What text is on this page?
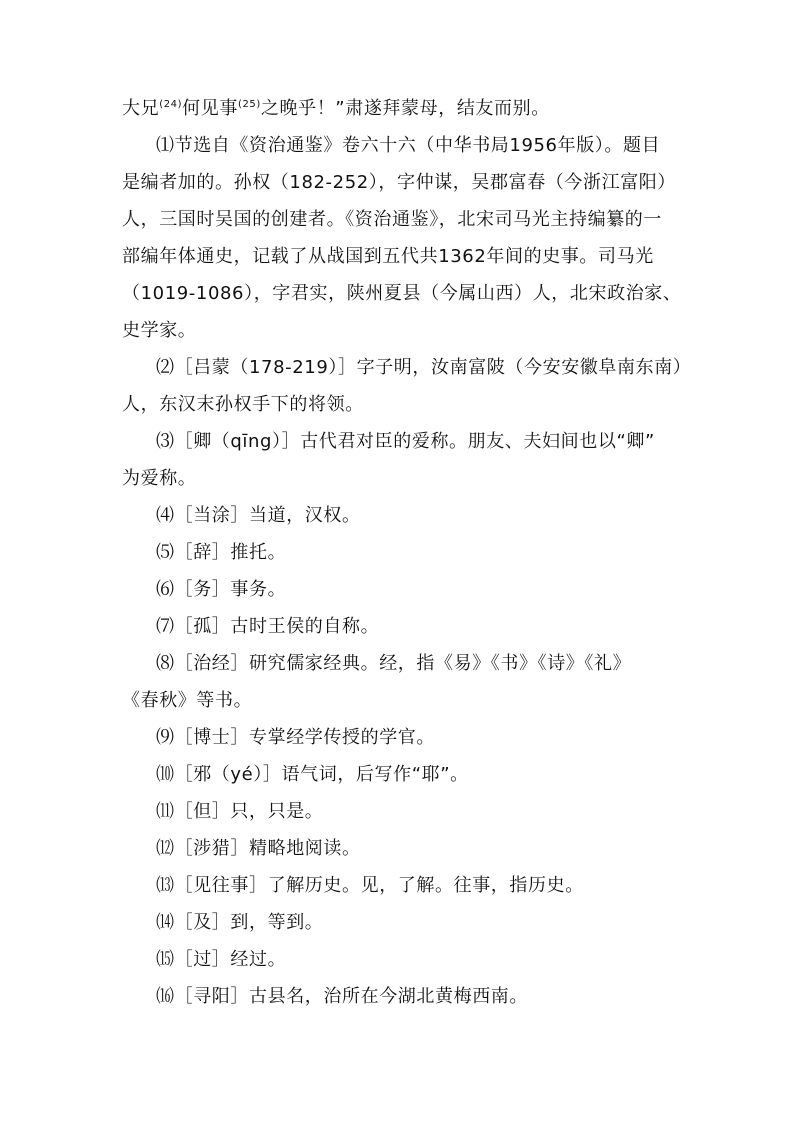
大兄$^{(24)}$何见事$^{(25)}$之晚乎！”肃遂拜蒙母，结友而别。
⑴节选自《资治通鉴》卷六十六（中华书局1956年版）。题目
是编者加的。孙权（182-252），字仲谋，吴郡富春（今浙江富阳）
人，三国时吴国的创建者。《资治通鉴》，北宋司马光主持编纂的一
部编年体通史，记载了从战国到五代共1362年间的史事。司马光
（1019-1086），字君实，陕州夏县（今属山西）人，北宋政治家、
史学家。
⑵［吕蒙（178-219）］字子明，汝南富陂（今安安徽阜南东南）
人，东汉末孙权手下的将领。
⑶［卿（qīng）］古代君对臣的爱称。朋友、夫妇间也以“卿”
为爱称。
⑷［当涂］当道，汉权。
⑸［辞］推托。
⑹［务］事务。
⑺［孤］古时王侯的自称。
⑻［治经］研究儒家经典。经，指《易》《书》《诗》《礼》
《春秋》等书。
⑼［博士］专掌经学传授的学官。
⑽［邪（yé）］语气词，后写作“耶”。
⑾［但］只，只是。
⑿［涉猎］精略地阅读。
⒀［见往事］了解历史。见，了解。往事，指历史。
⒁［及］到，等到。
⒂［过］经过。
⒃［寻阳］古县名，治所在今湖北黄梅西南。
